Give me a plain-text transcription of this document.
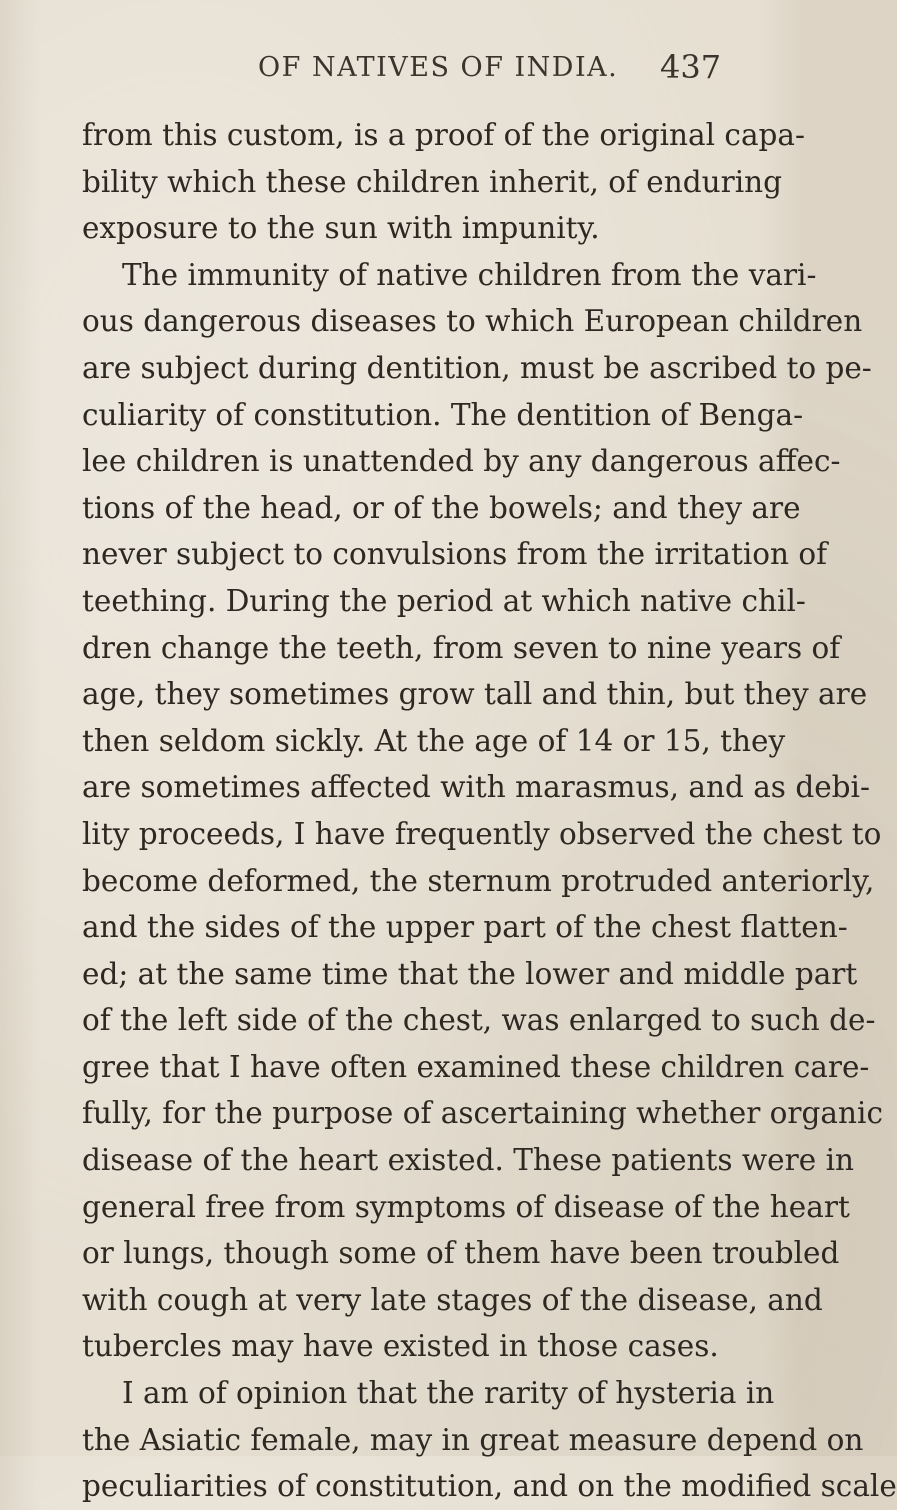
OF NATIVES OF INDIA. 437
from this custom, is a proof of the original capa-
bility which these children inherit, of enduring
exposure to the sun with impunity.
The immunity of native children from the vari-
ous dangerous diseases to which European children
are subject during dentition, must be ascribed to pe-
culiarity of constitution. The dentition of Benga-
lee children is unattended by any dangerous affec-
tions of the head, or of the bowels; and they are
never subject to convulsions from the irritation of
teething. During the period at which native chil-
dren change the teeth, from seven to nine years of
age, they sometimes grow tall and thin, but they are
then seldom sickly. At the age of 14 or 15, they
are sometimes affected with marasmus, and as debi-
lity proceeds, I have frequently observed the chest to
become deformed, the sternum protruded anteriorly,
and the sides of the upper part of the chest flatten-
ed; at the same time that the lower and middle part
of the left side of the chest, was enlarged to such de-
gree that I have often examined these children care-
fully, for the purpose of ascertaining whether organic
disease of the heart existed. These patients were in
general free from symptoms of disease of the heart
or lungs, though some of them have been troubled
with cough at very late stages of the disease, and
tubercles may have existed in those cases.
I am of opinion that the rarity of hysteria in
the Asiatic female, may in great measure depend on
peculiarities of constitution, and on the modified scale
